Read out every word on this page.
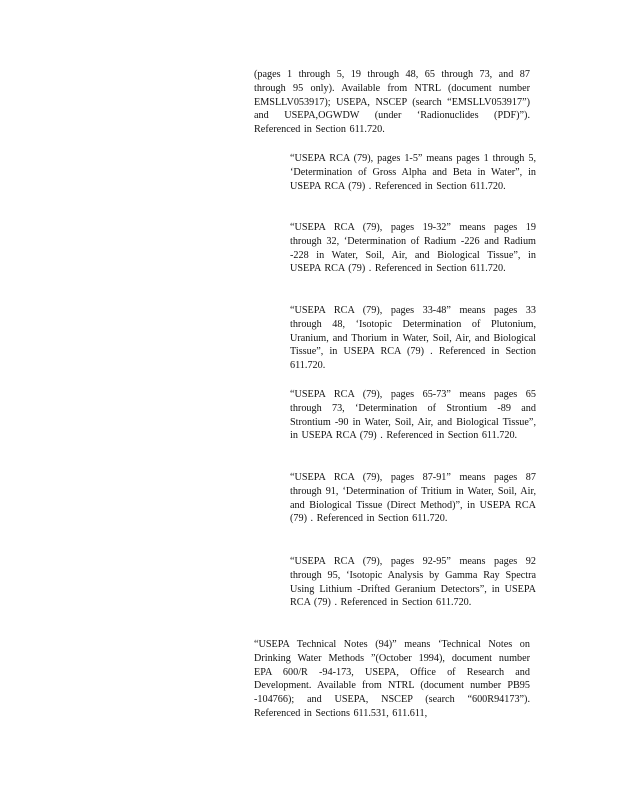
(pages 1 through 5, 19 through 48, 65 through 73, and 87 through 95 only). Available from NTRL (document number EMSLLV053917); USEPA, NSCEP (search “EMSLLV053917”) and USEPA,OGWDW (under ‘Radionuclides (PDF)”). Referenced in Section 611.720.
“USEPA RCA (79), pages 1-5” means pages 1 through 5, ‘Determination of Gross Alpha and Beta in Water”, in USEPA RCA (79) . Referenced in Section 611.720.
“USEPA RCA (79), pages 19-32” means pages 19 through 32, ‘Determination of Radium -226 and Radium -228 in Water, Soil, Air, and Biological Tissue”, in USEPA RCA (79) . Referenced in Section 611.720.
“USEPA RCA (79), pages 33-48” means pages 33 through 48, ‘Isotopic Determination of Plutonium, Uranium, and Thorium in Water, Soil, Air, and Biological Tissue”, in USEPA RCA (79) . Referenced in Section 611.720.
“USEPA RCA (79), pages 65-73” means pages 65 through 73, ‘Determination of Strontium -89 and Strontium -90 in Water, Soil, Air, and Biological Tissue”, in USEPA RCA (79) . Referenced in Section 611.720.
“USEPA RCA (79), pages 87-91” means pages 87 through 91, ‘Determination of Tritium in Water, Soil, Air, and Biological Tissue (Direct Method)”, in USEPA RCA (79) . Referenced in Section 611.720.
“USEPA RCA (79), pages 92-95” means pages 92 through 95, ‘Isotopic Analysis by Gamma Ray Spectra Using Lithium -Drifted Geranium Detectors”, in USEPA RCA (79) . Referenced in Section 611.720.
“USEPA Technical Notes (94)” means ‘Technical Notes on Drinking Water Methods ”(October 1994), document number EPA 600/R -94-173, USEPA, Office of Research and Development. Available from NTRL (document number PB95 -104766); and USEPA, NSCEP (search “600R94173”). Referenced in Sections 611.531, 611.611,
